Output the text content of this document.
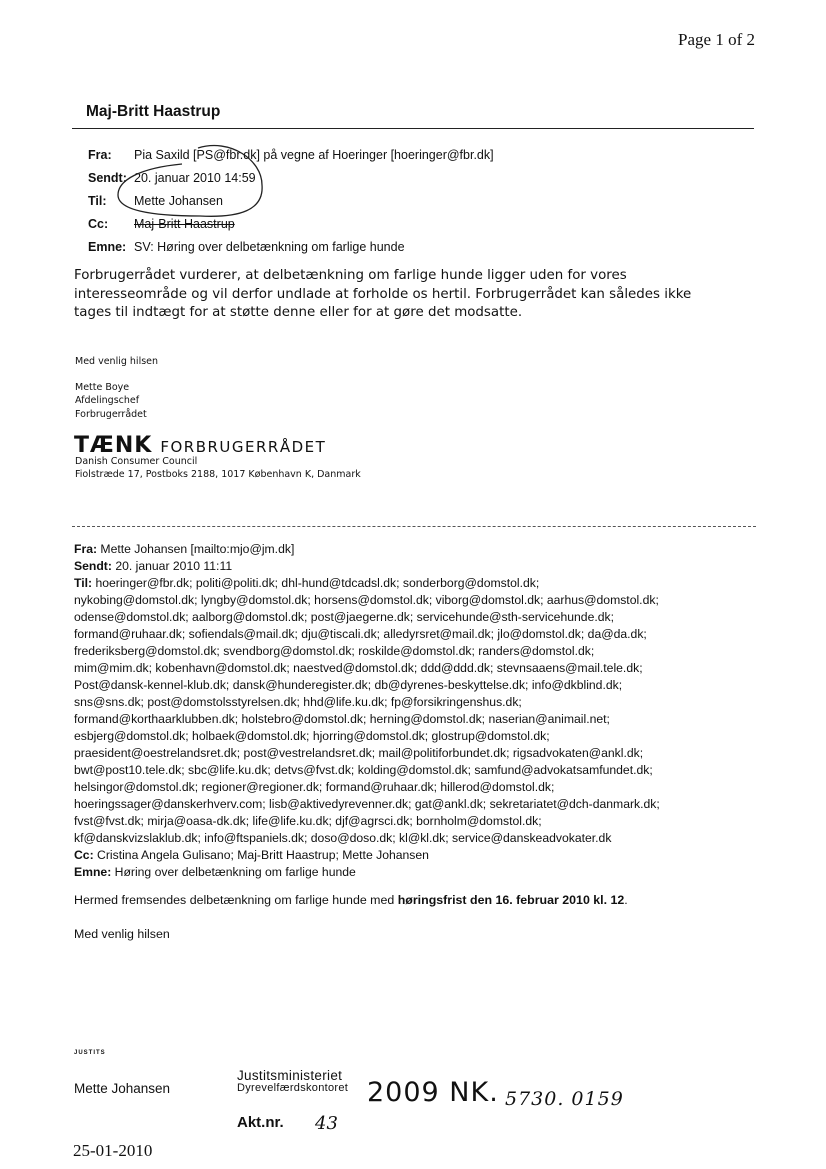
Page 1 of 2
Maj-Britt Haastrup
Fra:	Pia Saxild [PS@fbr.dk] på vegne af Hoeringer [hoeringer@fbr.dk]
Sendt: 20. januar 2010 14:59
Til:	Mette Johansen
Cc:	Maj-Britt Haastrup
Emne: SV: Høring over delbetænkning om farlige hunde
Forbrugerrådet vurderer, at delbetænkning om farlige hunde ligger uden for vores
interesseområde og vil derfor undlade at forholde os hertil. Forbrugerrådet kan således ikke
tages til indtægt for at støtte denne eller for at gøre det modsatte.
Med venlig hilsen
Mette Boye
Afdelingschef
Forbrugerrådet
TÆNK FORBRUGERRÅDET
Danish Consumer Council
Fiolstræde 17, Postboks 2188, 1017 København K, Danmark
Fra: Mette Johansen [mailto:mjo@jm.dk]
Sendt: 20. januar 2010 11:11
Til: hoeringer@fbr.dk; politi@politi.dk; dhl-hund@tdcadsl.dk; sonderborg@domstol.dk;
nykobing@domstol.dk; lyngby@domstol.dk; horsens@domstol.dk; viborg@domstol.dk; aarhus@domstol.dk;
odense@domstol.dk; aalborg@domstol.dk; post@jaegerne.dk; servicehunde@sth-servicehunde.dk;
formand@ruhaar.dk; sofiendals@mail.dk; dju@tiscali.dk; alledyrsret@mail.dk; jlo@domstol.dk; da@da.dk;
frederiksberg@domstol.dk; svendborg@domstol.dk; roskilde@domstol.dk; randers@domstol.dk;
mim@mim.dk; kobenhavn@domstol.dk; naestved@domstol.dk; ddd@ddd.dk; stevnsaaens@mail.tele.dk;
Post@dansk-kennel-klub.dk; dansk@hunderegister.dk; db@dyrenes-beskyttelse.dk; info@dkblind.dk;
sns@sns.dk; post@domstolsstyrelsen.dk; hhd@life.ku.dk; fp@forsikringenshus.dk;
formand@korthaarklubben.dk; holstebro@domstol.dk; herning@domstol.dk; naserian@animail.net;
esbjerg@domstol.dk; holbaek@domstol.dk; hjorring@domstol.dk; glostrup@domstol.dk;
praesident@oestrelandsret.dk; post@vestrelandsret.dk; mail@politiforbundet.dk; rigsadvokaten@ankl.dk;
bwt@post10.tele.dk; sbc@life.ku.dk; detvs@fvst.dk; kolding@domstol.dk; samfund@advokatsamfundet.dk;
helsingor@domstol.dk; regioner@regioner.dk; formand@ruhaar.dk; hillerod@domstol.dk;
hoeringssager@danskerhverv.com; lisb@aktivedyrevenner.dk; gat@ankl.dk; sekretariatet@dch-danmark.dk;
fvst@fvst.dk; mirja@oasa-dk.dk; life@life.ku.dk; djf@agrsci.dk; bornholm@domstol.dk;
kf@danskvizslaklub.dk; info@ftspaniels.dk; doso@doso.dk; kl@kl.dk; service@danskeadvokater.dk
Cc: Cristina Angela Gulisano; Maj-Britt Haastrup; Mette Johansen
Emne: Høring over delbetænkning om farlige hunde
Hermed fremsendes delbetænkning om farlige hunde med høringsfrist den 16. februar 2010 kl. 12.
Med venlig hilsen
JUSTITS
Mette Johansen
Justitsministeriet
Dyrevelfærdskontoret 2009 NK. 5730. 0159
Akt.nr. 43
25-01-2010
